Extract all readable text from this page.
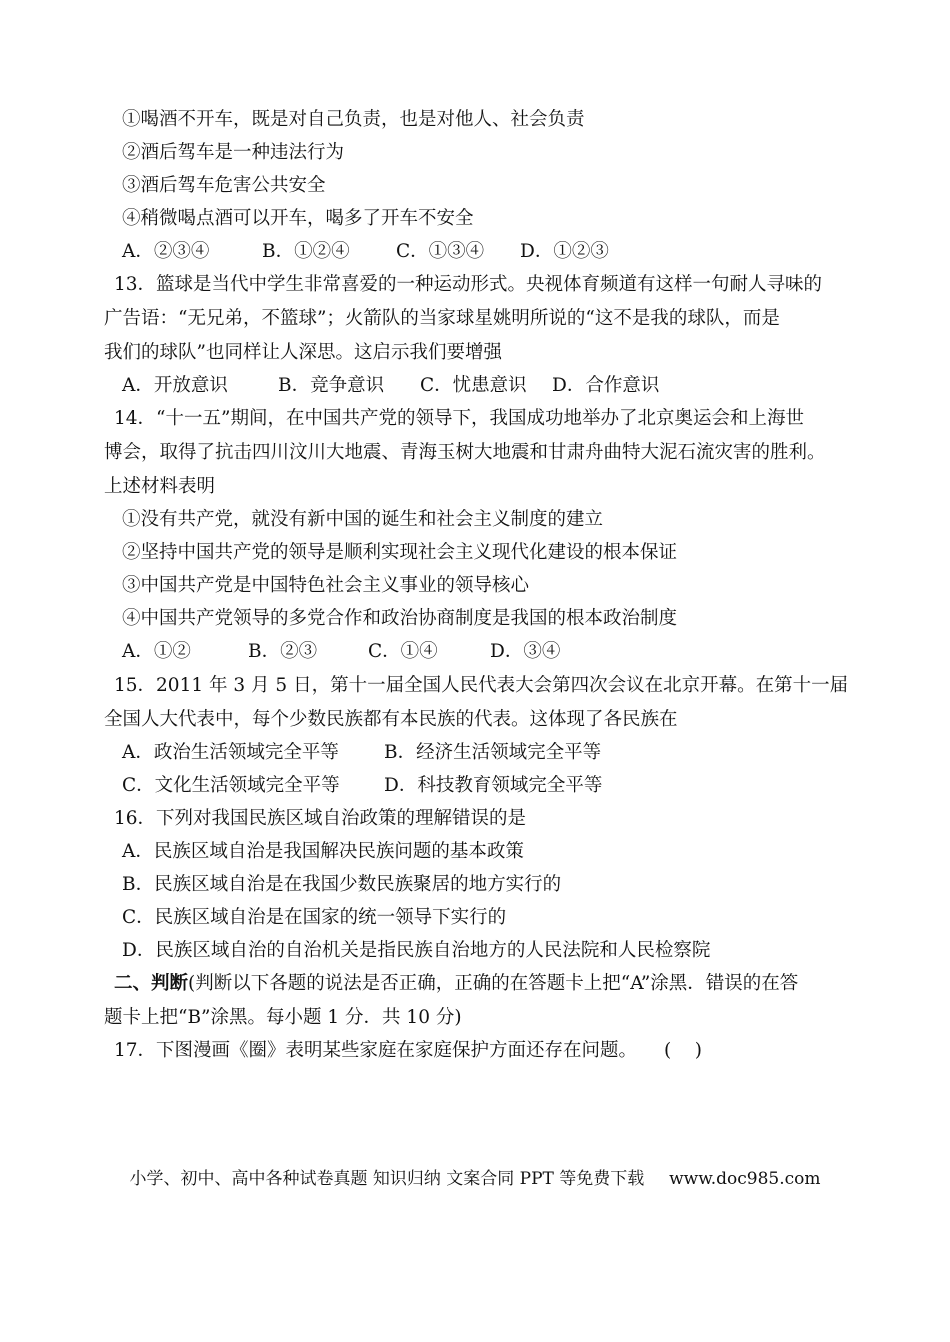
①喝酒不开车，既是对自己负责，也是对他人、社会负责
②酒后驾车是一种违法行为
③酒后驾车危害公共安全
④稍微喝点酒可以开车，喝多了开车不安全
A．②③④	B．①②④	C．①③④ D．①②③
13．篮球是当代中学生非常喜爱的一种运动形式。央视体育频道有这样一句耐人寻味的
广告语：“无兄弟，不篮球”；火箭队的当家球星姚明所说的“这不是我的球队，而是
我们的球队”也同样让人深思。这启示我们要增强
A．开放意识	B．竞争意识 C．忧患意识 D．合作意识
14．“十一五”期间，在中国共产党的领导下，我国成功地举办了北京奥运会和上海世
博会，取得了抗击四川汶川大地震、青海玉树大地震和甘肃舟曲特大泥石流灾害的胜利。
上述材料表明
①没有共产党，就没有新中国的诞生和社会主义制度的建立
②坚持中国共产党的领导是顺利实现社会主义现代化建设的根本保证
③中国共产党是中国特色社会主义事业的领导核心
④中国共产党领导的多党合作和政治协商制度是我国的根本政治制度
A．①②	B．②③	C．①④	D．③④
15．2011 年 3 月 5 日，第十一届全国人民代表大会第四次会议在北京开幕。在第十一届
全国人大代表中，每个少数民族都有本民族的代表。这体现了各民族在
A．政治生活领域完全平等 B．经济生活领域完全平等
C．文化生活领域完全平等 D．科技教育领域完全平等
16．下列对我国民族区域自治政策的理解错误的是
A．民族区域自治是我国解决民族问题的基本政策
B．民族区域自治是在我国少数民族聚居的地方实行的
C．民族区域自治是在国家的统一领导下实行的
D．民族区域自治的自治机关是指民族自治地方的人民法院和人民检察院
二、判断(判断以下各题的说法是否正确，正确的在答题卡上把“A”涂黑．错误的在答
题卡上把“B”涂黑。每小题 1 分．共 10 分)
17．下图漫画《圈》表明某些家庭在家庭保护方面还存在问题。 (    )
小学、初中、高中各种试卷真题 知识归纳 文案合同 PPT 等免费下载 www.doc985.com
